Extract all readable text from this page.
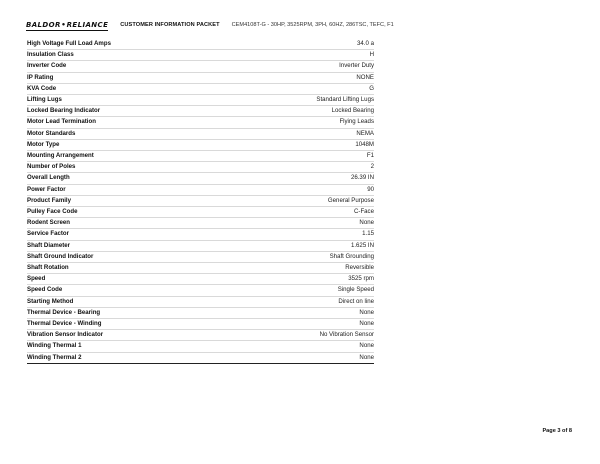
BALDOR • RELIANCE CUSTOMER INFORMATION PACKET CEM4108T-G - 30HP, 3525RPM, 3PH, 60HZ, 286TSC, TEFC, F1
High Voltage Full Load Amps	34.0 a
Insulation Class	H
Inverter Code	Inverter Duty
IP Rating	NONE
KVA Code	G
Lifting Lugs	Standard Lifting Lugs
Locked Bearing Indicator	Locked Bearing
Motor Lead Termination	Flying Leads
Motor Standards	NEMA
Motor Type	1048M
Mounting Arrangement	F1
Number of Poles	2
Overall Length	26.39 IN
Power Factor	90
Product Family	General Purpose
Pulley Face Code	C-Face
Rodent Screen	None
Service Factor	1.15
Shaft Diameter	1.625 IN
Shaft Ground Indicator	Shaft Grounding
Shaft Rotation	Reversible
Speed	3525 rpm
Speed Code	Single Speed
Starting Method	Direct on line
Thermal Device - Bearing	None
Thermal Device - Winding	None
Vibration Sensor Indicator	No Vibration Sensor
Winding Thermal 1	None
Winding Thermal 2	None
Page 3 of 8
